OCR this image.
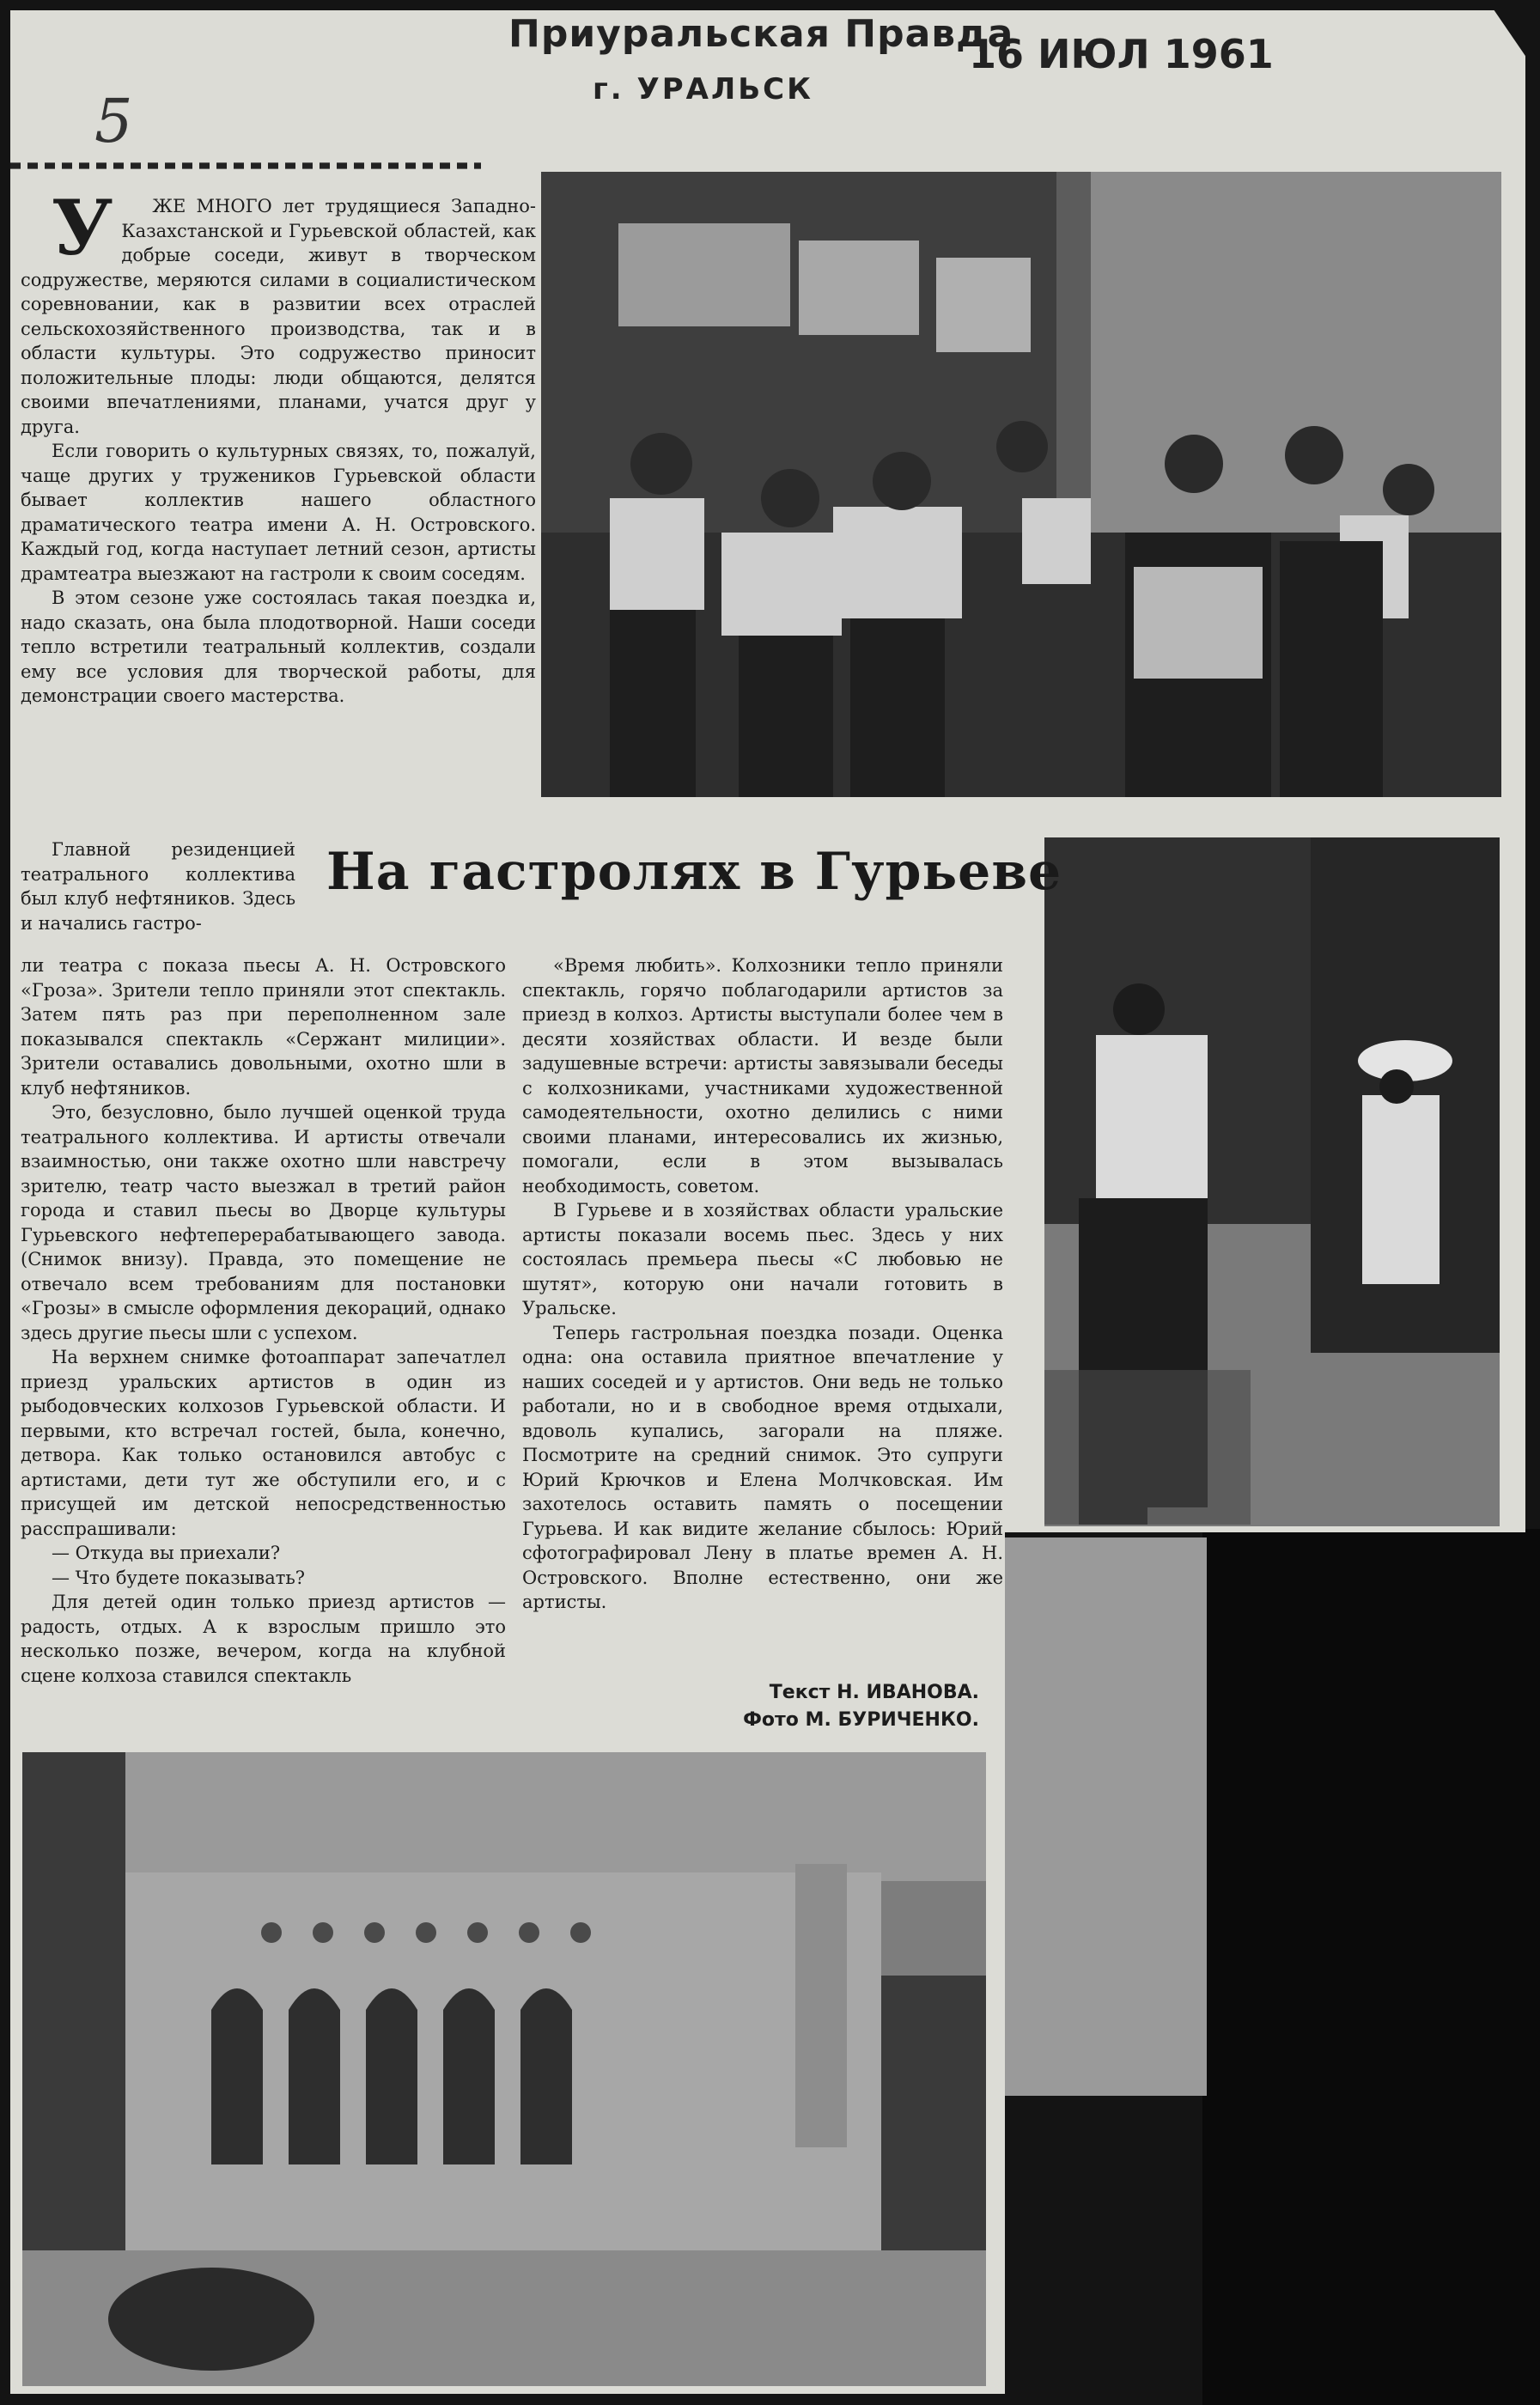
Приуральская Правда
г. УРАЛЬСК
16 ИЮЛ 1961
5

УЖЕ МНОГО лет трудящиеся Западно-Казахстанской и Гурьевской областей, как добрые соседи, живут в творческом содружестве, меряются силами в социалистическом соревновании, как в развитии всех отраслей сельскохозяйственного производства, так и в области культуры. Это содружество приносит положительные плоды: люди общаются, делятся своими впечатлениями, планами, учатся друг у друга.

Если говорить о культурных связях, то, пожалуй, чаще других у тружеников Гурьевской области бывает коллектив нашего областного драматического театра имени А. Н. Островского. Каждый год, когда наступает летний сезон, артисты драмтеатра выезжают на гастроли к своим соседям.

В этом сезоне уже состоялась такая поездка и, надо сказать, она была плодотворной. Наши соседи тепло встретили театральный коллектив, создали ему все условия для творческой работы, для демонстрации своего мастерства.

На гастролях в Гурьеве

Главной резиденцией театрального коллектива был клуб нефтяников. Здесь и начались гастро-

ли театра с показа пьесы А. Н. Островского «Гроза». Зрители тепло приняли этот спектакль. Затем пять раз при переполненном зале показывался спектакль «Сержант милиции». Зрители оставались довольными, охотно шли в клуб нефтяников.

Это, безусловно, было лучшей оценкой труда театрального коллектива. И артисты отвечали взаимностью, они также охотно шли навстречу зрителю, театр часто выезжал в третий район города и ставил пьесы во Дворце культуры Гурьевского нефтеперерабатывающего завода. (Снимок внизу). Правда, это помещение не отвечало всем требованиям для постановки «Грозы» в смысле оформления декораций, однако здесь другие пьесы шли с успехом.

На верхнем снимке фотоаппарат запечатлел приезд уральских артистов в один из рыбодовческих колхозов Гурьевской области. И первыми, кто встречал гостей, была, конечно, детвора. Как только остановился автобус с артистами, дети тут же обступили его, и с присущей им детской непосредственностью расспрашивали:

— Откуда вы приехали?

— Что будете показывать?

Для детей один только приезд артистов — радость, отдых. А к взрослым пришло это несколько позже, вечером, когда на клубной сцене колхоза ставился спектакль

«Время любить». Колхозники тепло приняли спектакль, горячо поблагодарили артистов за приезд в колхоз. Артисты выступали более чем в десяти хозяйствах области. И везде были задушевные встречи: артисты завязывали беседы с колхозниками, участниками художественной самодеятельности, охотно делились с ними своими планами, интересовались их жизнью, помогали, если в этом вызывалась необходимость, советом.

В Гурьеве и в хозяйствах области уральские артисты показали восемь пьес. Здесь у них состоялась премьера пьесы «С любовью не шутят», которую они начали готовить в Уральске.

Теперь гастрольная поездка позади. Оценка одна: она оставила приятное впечатление у наших соседей и у артистов. Они ведь не только работали, но и в свободное время отдыхали, вдоволь купались, загорали на пляже. Посмотрите на средний снимок. Это супруги Юрий Крючков и Елена Молчковская. Им захотелось оставить память о посещении Гурьева. И как видите желание сбылось: Юрий сфотографировал Лену в платье времен А. Н. Островского. Вполне естественно, они же артисты.

Текст Н. ИВАНОВА.
Фото М. БУРИЧЕНКО.
